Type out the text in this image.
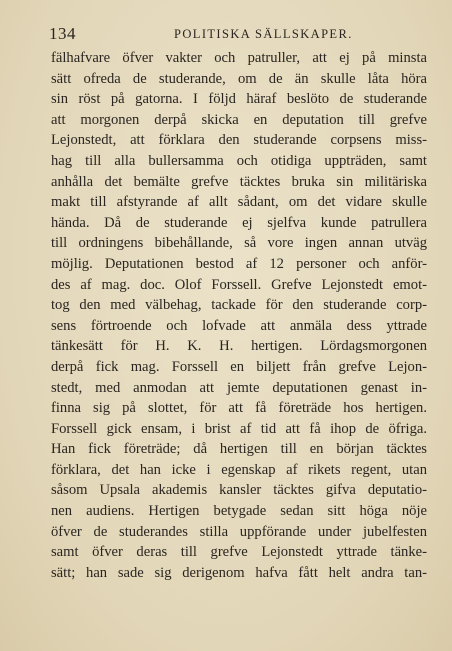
134	POLITISKA SÄLLSKAPER.
fälhafvare öfver vakter och patruller, att ej på minsta
sätt ofreda de studerande, om de än skulle låta höra
sin röst på gatorna. I följd häraf beslöto de studerande
att morgonen derpå skicka en deputation till grefve
Lejonstedt, att förklara den studerande corpsens miss-
hag till alla bullersamma och otidiga uppträden, samt
anhålla det bemälte grefve täcktes bruka sin militäriska
makt till afstyrande af allt sådant, om det vidare skulle
hända. Då de studerande ej sjelfva kunde patrullera
till ordningens bibehållande, så vore ingen annan utväg
möjlig. Deputationen bestod af 12 personer och anför-
des af mag. doc. Olof Forssell. Grefve Lejonstedt emot-
tog den med välbehag, tackade för den studerande corp-
sens förtroende och lofvade att anmäla dess yttrade
tänkesätt för H. K. H. hertigen. Lördagsmorgonen
derpå fick mag. Forssell en biljett från grefve Lejon-
stedt, med anmodan att jemte deputationen genast in-
finna sig på slottet, för att få företräde hos hertigen.
Forssell gick ensam, i brist af tid att få ihop de öfriga.
Han fick företräde; då hertigen till en början täcktes
förklara, det han icke i egenskap af rikets regent, utan
såsom Upsala akademis kansler täcktes gifva deputatio-
nen audiens. Hertigen betygade sedan sitt höga nöje
öfver de studerandes stilla uppförande under jubelfesten
samt öfver deras till grefve Lejonstedt yttrade tänke-
sätt; han sade sig derigenom hafva fått helt andra tan-
